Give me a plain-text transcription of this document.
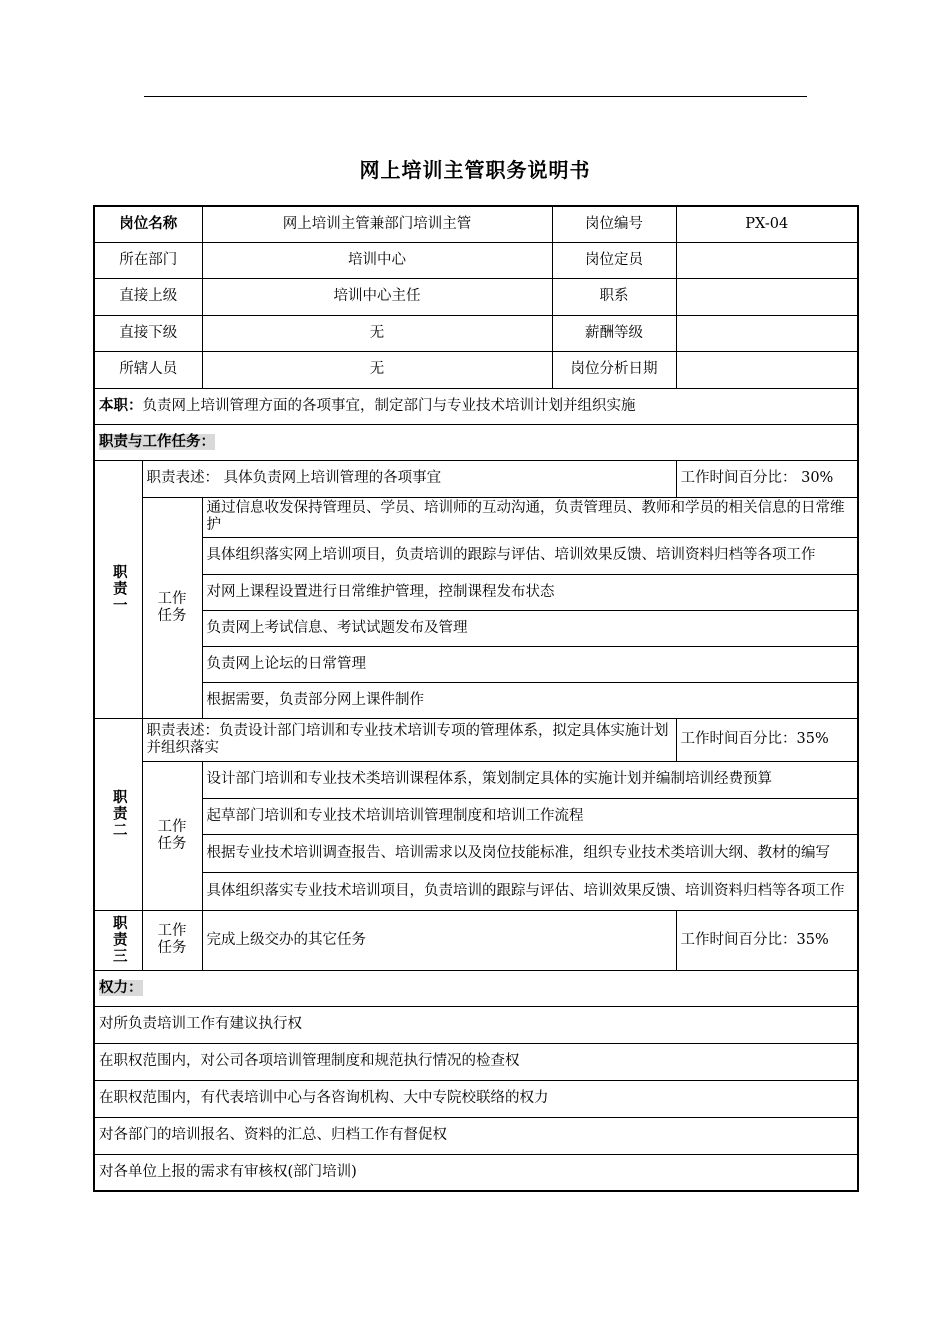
网上培训主管职务说明书
岗位名称		网上培训主管兼部门培训主管	岗位编号	PX-04
所在部门		培训中心	岗位定员	
直接上级		培训中心主任	职系	
直接下级		无	薪酬等级	
所辖人员		无	岗位分析日期	
本职：负责网上培训管理方面的各项事宜，制定部门与专业技术培训计划并组织实施				
职责与工作任务：				

职责一	职责表述： 具体负责网上培训管理的各项事宜			工作时间百分比： 30%

	工作
任务	通过信息收发保持管理员、学员、培训师的互动沟通，负责管理员、教师和学员的相关信息的日常维护		
		具体组织落实网上培训项目，负责培训的跟踪与评估、培训效果反馈、培训资料归档等各项工作		
		对网上课程设置进行日常维护管理，控制课程发布状态		
		负责网上考试信息、考试试题发布及管理		
		负责网上论坛的日常管理		
		根据需要，负责部分网上课件制作		

职责二	职责表述：负责设计部门培训和专业技术培训专项的管理体系，拟定具体实施计划并组织落实			工作时间百分比：35%

	工作
任务	设计部门培训和专业技术类培训课程体系，策划制定具体的实施计划并编制培训经费预算		
		起草部门培训和专业技术培训培训管理制度和培训工作流程		
		根据专业技术培训调查报告、培训需求以及岗位技能标准，组织专业技术类培训大纲、教材的编写		
		具体组织落实专业技术培训项目，负责培训的跟踪与评估、培训效果反馈、培训资料归档等各项工作		

职责三	工作
任务	完成上级交办的其它任务		工作时间百分比：35%
权力：				
对所负责培训工作有建议执行权				
在职权范围内，对公司各项培训管理制度和规范执行情况的检查权				
在职权范围内，有代表培训中心与各咨询机构、大中专院校联络的权力				
对各部门的培训报名、资料的汇总、归档工作有督促权				
对各单位上报的需求有审核权(部门培训)				
